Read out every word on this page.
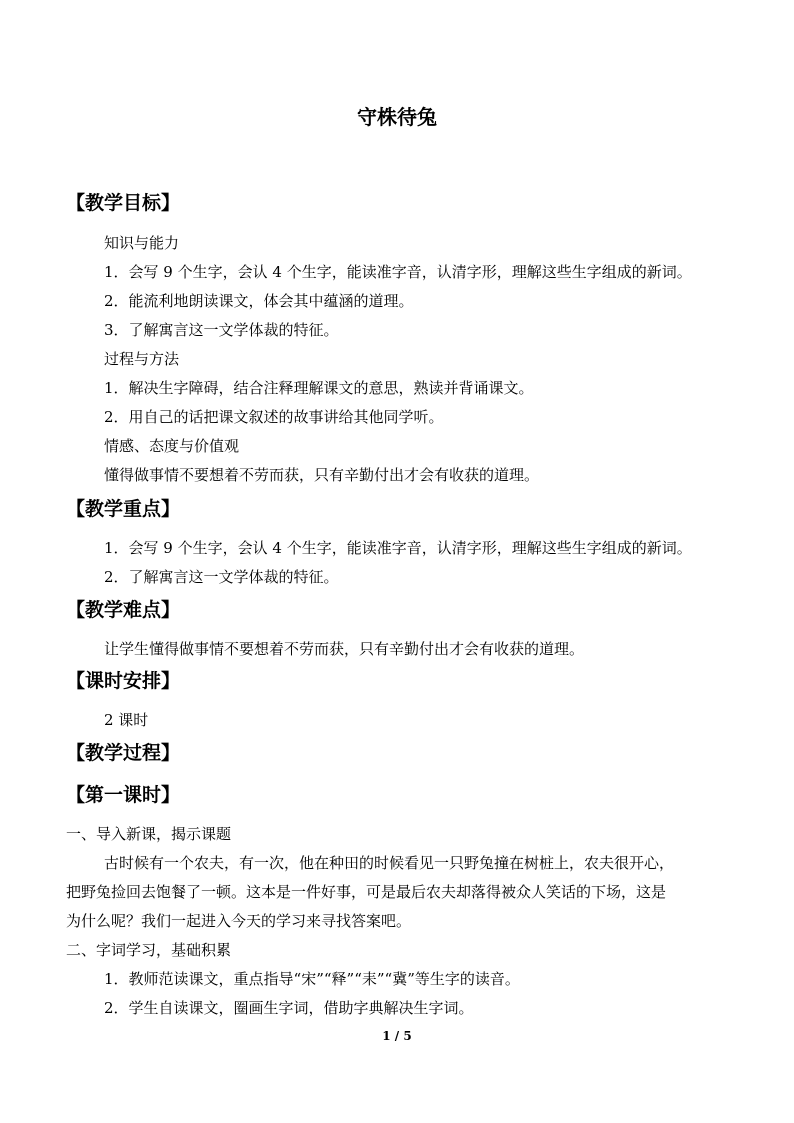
守株待兔
【教学目标】
知识与能力
1．会写 9 个生字，会认 4 个生字，能读准字音，认清字形，理解这些生字组成的新词。
2．能流利地朗读课文，体会其中蕴涵的道理。
3．了解寓言这一文学体裁的特征。
过程与方法
1．解决生字障碍，结合注释理解课文的意思，熟读并背诵课文。
2．用自己的话把课文叙述的故事讲给其他同学听。
情感、态度与价值观
懂得做事情不要想着不劳而获，只有辛勤付出才会有收获的道理。
【教学重点】
1．会写 9 个生字，会认 4 个生字，能读准字音，认清字形，理解这些生字组成的新词。
2．了解寓言这一文学体裁的特征。
【教学难点】
让学生懂得做事情不要想着不劳而获，只有辛勤付出才会有收获的道理。
【课时安排】
2 课时
【教学过程】
【第一课时】
一、导入新课，揭示课题
古时候有一个农夫，有一次，他在种田的时候看见一只野兔撞在树桩上，农夫很开心，
把野兔捡回去饱餐了一顿。这本是一件好事，可是最后农夫却落得被众人笑话的下场，这是
为什么呢？我们一起进入今天的学习来寻找答案吧。
二、字词学习，基础积累
1．教师范读课文，重点指导“宋”“释”“耒”“冀”等生字的读音。
2．学生自读课文，圈画生字词，借助字典解决生字词。
1 / 5
